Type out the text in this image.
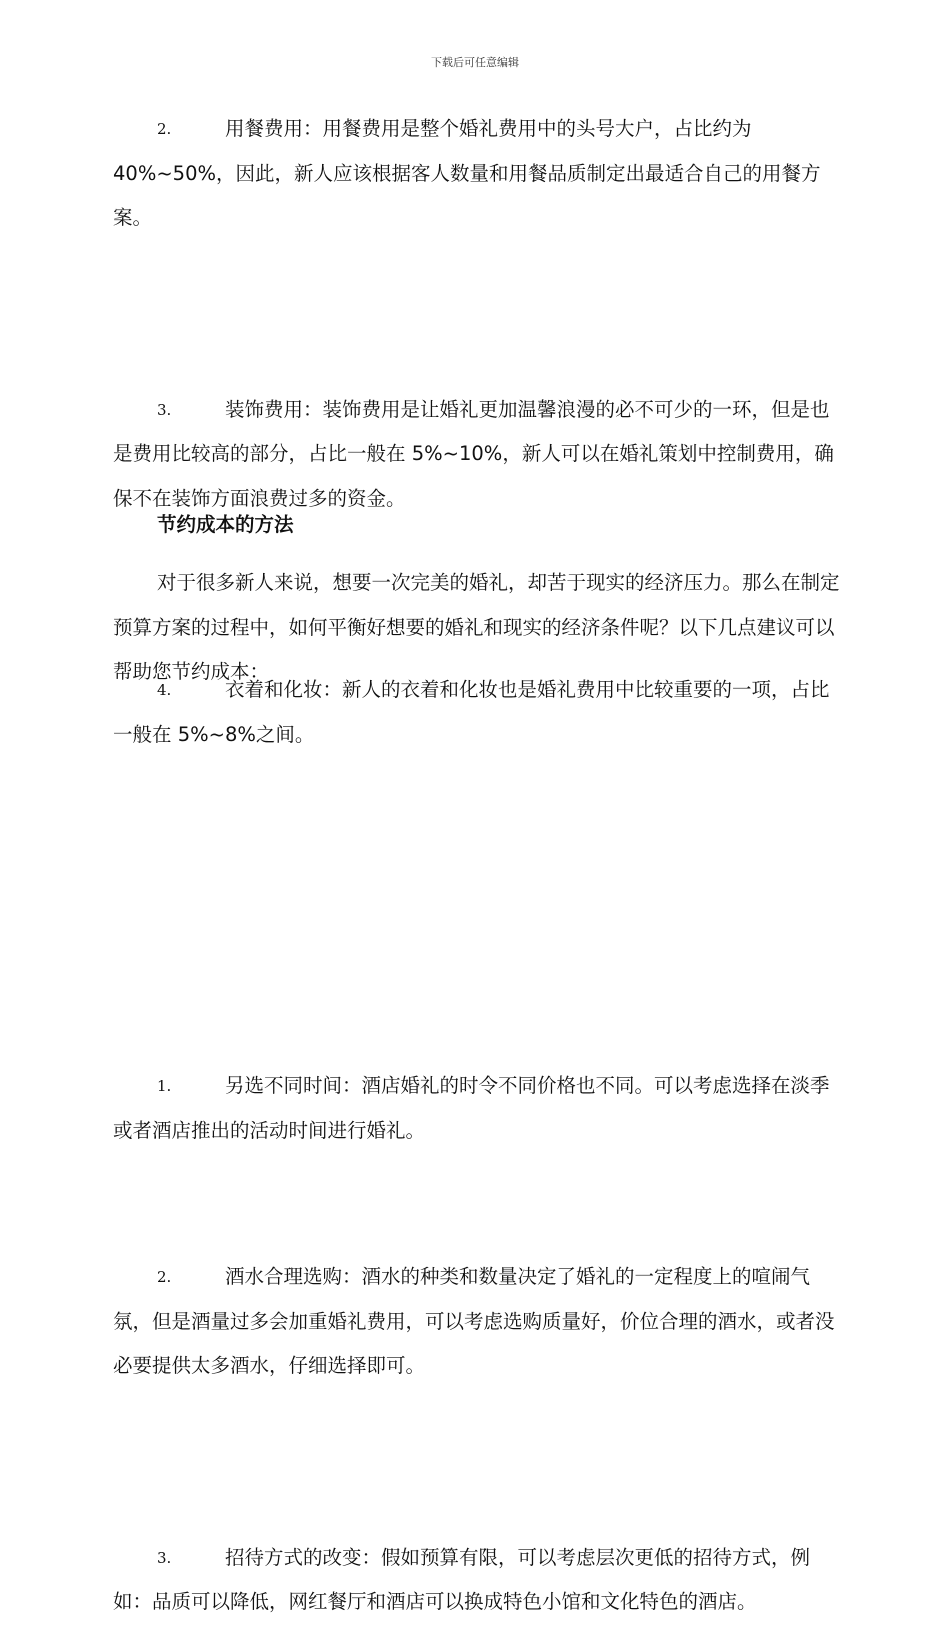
下载后可任意编辑
2.	用餐费用：用餐费用是整个婚礼费用中的头号大户，占比约为40%~50%，因此，新人应该根据客人数量和用餐品质制定出最适合自己的用餐方案。
3.	装饰费用：装饰费用是让婚礼更加温馨浪漫的必不可少的一环，但是也是费用比较高的部分，占比一般在 5%~10%，新人可以在婚礼策划中控制费用，确保不在装饰方面浪费过多的资金。
4.	衣着和化妆：新人的衣着和化妆也是婚礼费用中比较重要的一项，占比一般在 5%~8%之间。
节约成本的方法
对于很多新人来说，想要一次完美的婚礼，却苦于现实的经济压力。那么在制定预算方案的过程中，如何平衡好想要的婚礼和现实的经济条件呢？以下几点建议可以帮助您节约成本：
1.	另选不同时间：酒店婚礼的时令不同价格也不同。可以考虑选择在淡季或者酒店推出的活动时间进行婚礼。
2.	酒水合理选购：酒水的种类和数量决定了婚礼的一定程度上的喧闹气氛，但是酒量过多会加重婚礼费用，可以考虑选购质量好，价位合理的酒水，或者没必要提供太多酒水，仔细选择即可。
3.	招待方式的改变：假如预算有限，可以考虑层次更低的招待方式，例如：品质可以降低，网红餐厅和酒店可以换成特色小馆和文化特色的酒店。
